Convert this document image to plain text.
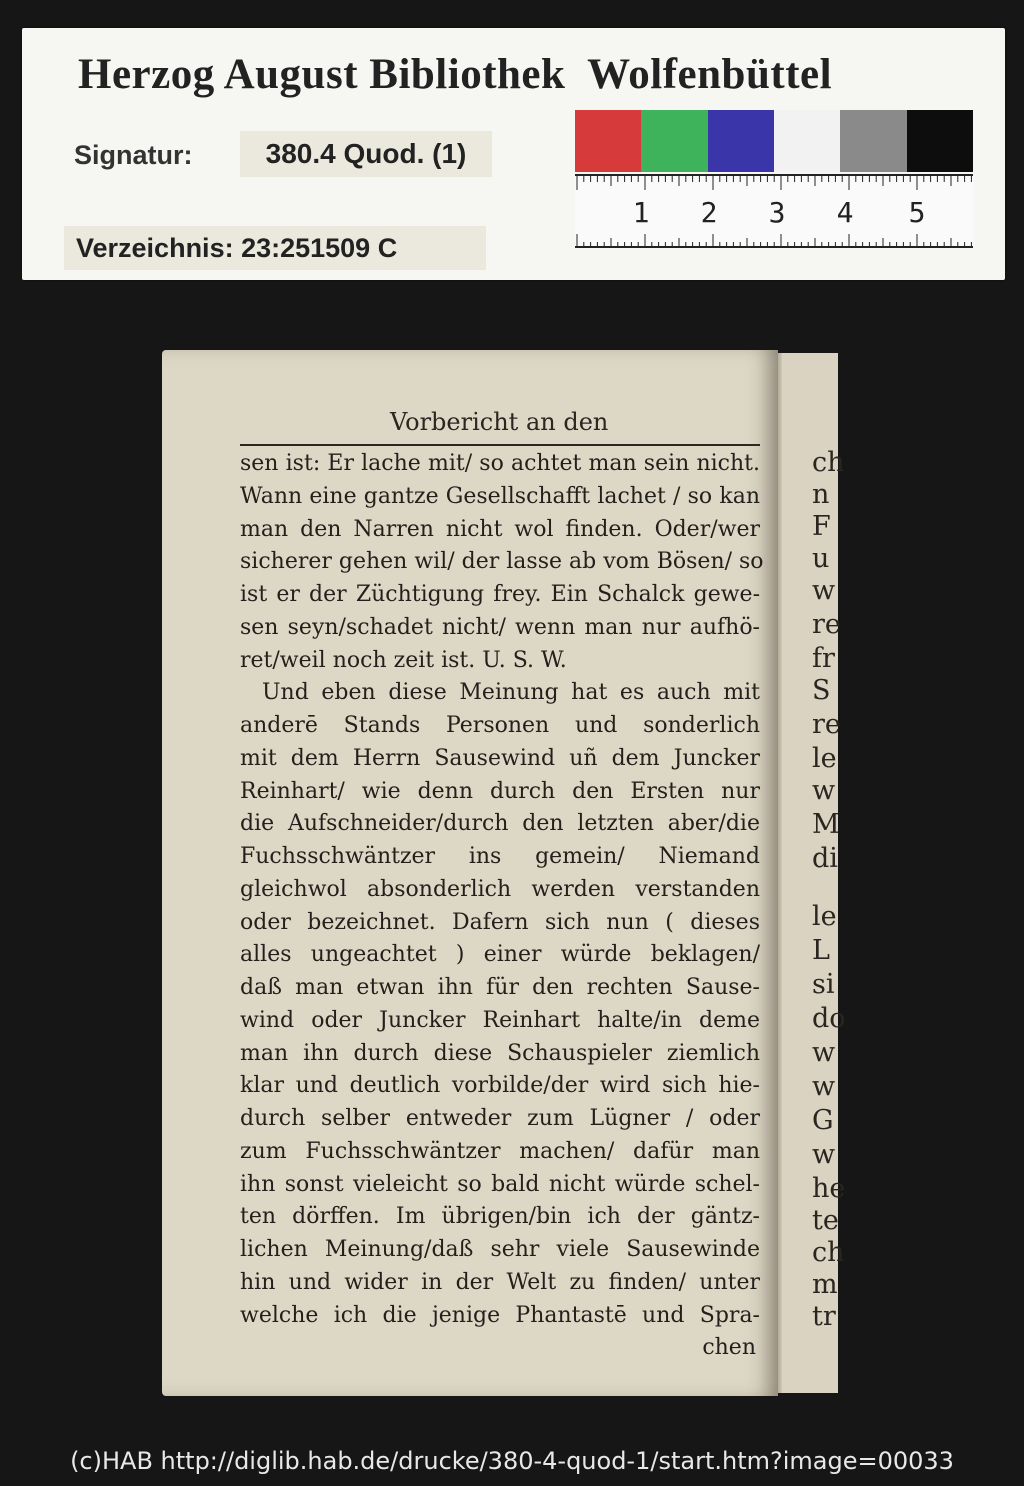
Herzog August Bibliothek  Wolfenbüttel
Signatur:	380.4 Quod. (1)
Verzeichnis: 23:251509 C
1 2 3 4 5
ch
n
F
u
w
re
fr
S
re
le
w
M
di
le
L
si
do
w
w
G
w
he
te
ch
m
tr
Vorbericht an den
sen ist: Er lache mit/ so achtet man sein nicht.
Wann eine gantze Gesellschafft lachet / so kan
man den Narren nicht wol finden. Oder/wer
sicherer gehen wil/ der lasse ab vom Bösen/ so
ist er der Züchtigung frey. Ein Schalck gewe-
sen seyn/schadet nicht/ wenn man nur aufhö-
ret/weil noch zeit ist. U. S. W.
Und eben diese Meinung hat es auch mit
anderē Stands Personen und sonderlich
mit dem Herrn Sausewind uñ dem Juncker
Reinhart/ wie denn durch den Ersten nur
die Aufschneider/durch den letzten aber/die
Fuchsschwäntzer ins gemein/ Niemand
gleichwol absonderlich werden verstanden
oder bezeichnet. Dafern sich nun ( dieses
alles ungeachtet ) einer würde beklagen/
daß man etwan ihn für den rechten Sause-
wind oder Juncker Reinhart halte/in deme
man ihn durch diese Schauspieler ziemlich
klar und deutlich vorbilde/der wird sich hie-
durch selber entweder zum Lügner / oder
zum Fuchsschwäntzer machen/ dafür man
ihn sonst vieleicht so bald nicht würde schel-
ten dörffen. Im übrigen/bin ich der gäntz-
lichen Meinung/daß sehr viele Sausewinde
hin und wider in der Welt zu finden/ unter
welche ich die jenige Phantastē und Spra-
chen
(c)HAB http://diglib.hab.de/drucke/380-4-quod-1/start.htm?image=00033
